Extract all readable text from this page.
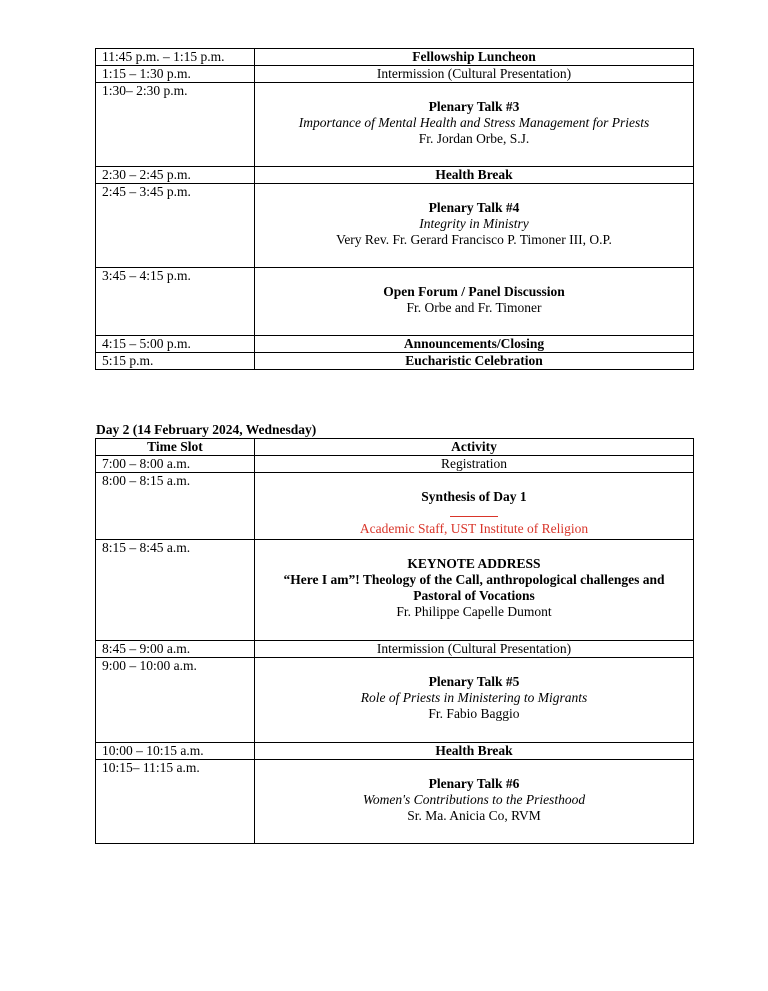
11:45 p.m. – 1:15 p.m.	Fellowship Luncheon
1:15 – 1:30 p.m.	Intermission (Cultural Presentation)
1:30– 2:30 p.m.	Plenary Talk #3
Importance of Mental Health and Stress Management for Priests
Fr. Jordan Orbe, S.J.

2:30 – 2:45 p.m.	Health Break
2:45 – 3:45 p.m.	Plenary Talk #4
Integrity in Ministry
Very Rev. Fr. Gerard Francisco P. Timoner III, O.P.

3:45 – 4:15 p.m.	Open Forum / Panel Discussion
Fr. Orbe and Fr. Timoner

4:15 – 5:00 p.m.	Announcements/Closing
5:15 p.m.	Eucharistic Celebration
Day 2 (14 February 2024, Wednesday)
Time Slot	Activity
7:00 – 8:00 a.m.	Registration
8:00 – 8:15 a.m.	Synthesis of Day 1
Academic Staff, UST Institute of Religion

8:15 – 8:45 a.m.	KEYNOTE ADDRESS
“Here I am”! Theology of the Call, anthropological challenges and
Pastoral of Vocations
Fr. Philippe Capelle Dumont

8:45 – 9:00 a.m.	Intermission (Cultural Presentation)
9:00 – 10:00 a.m.	Plenary Talk #5
Role of Priests in Ministering to Migrants
Fr. Fabio Baggio

10:00 – 10:15 a.m.	Health Break
10:15– 11:15 a.m.	Plenary Talk #6
Women's Contributions to the Priesthood
Sr. Ma. Anicia Co, RVM
